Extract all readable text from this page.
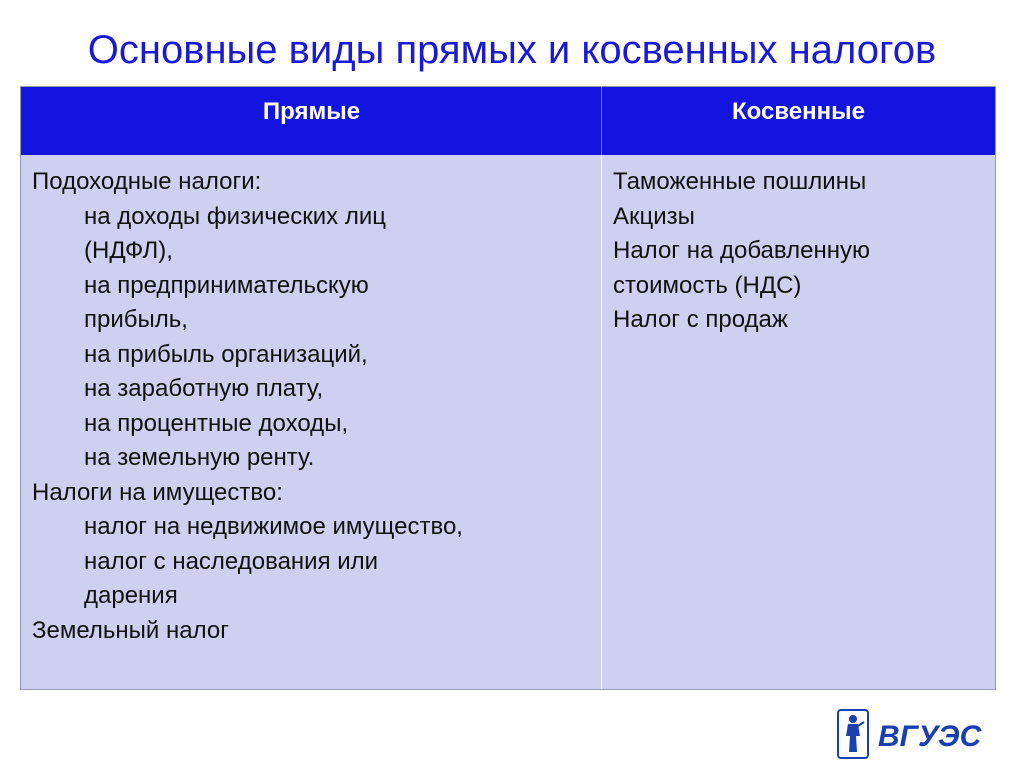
Основные виды прямых и косвенных налогов
Прямые	Косвенные
Подоходные налоги:
на доходы физических лиц
(НДФЛ),
на предпринимательскую
прибыль,
на прибыль организаций,
на заработную плату,
на процентные доходы,
на земельную ренту.
Налоги на имущество:
налог на недвижимое имущество,
налог с наследования или
дарения
Земельный налог
Таможенные пошлины
Акцизы
Налог на добавленную
стоимость (НДС)
Налог с продаж
ВГУЭС
